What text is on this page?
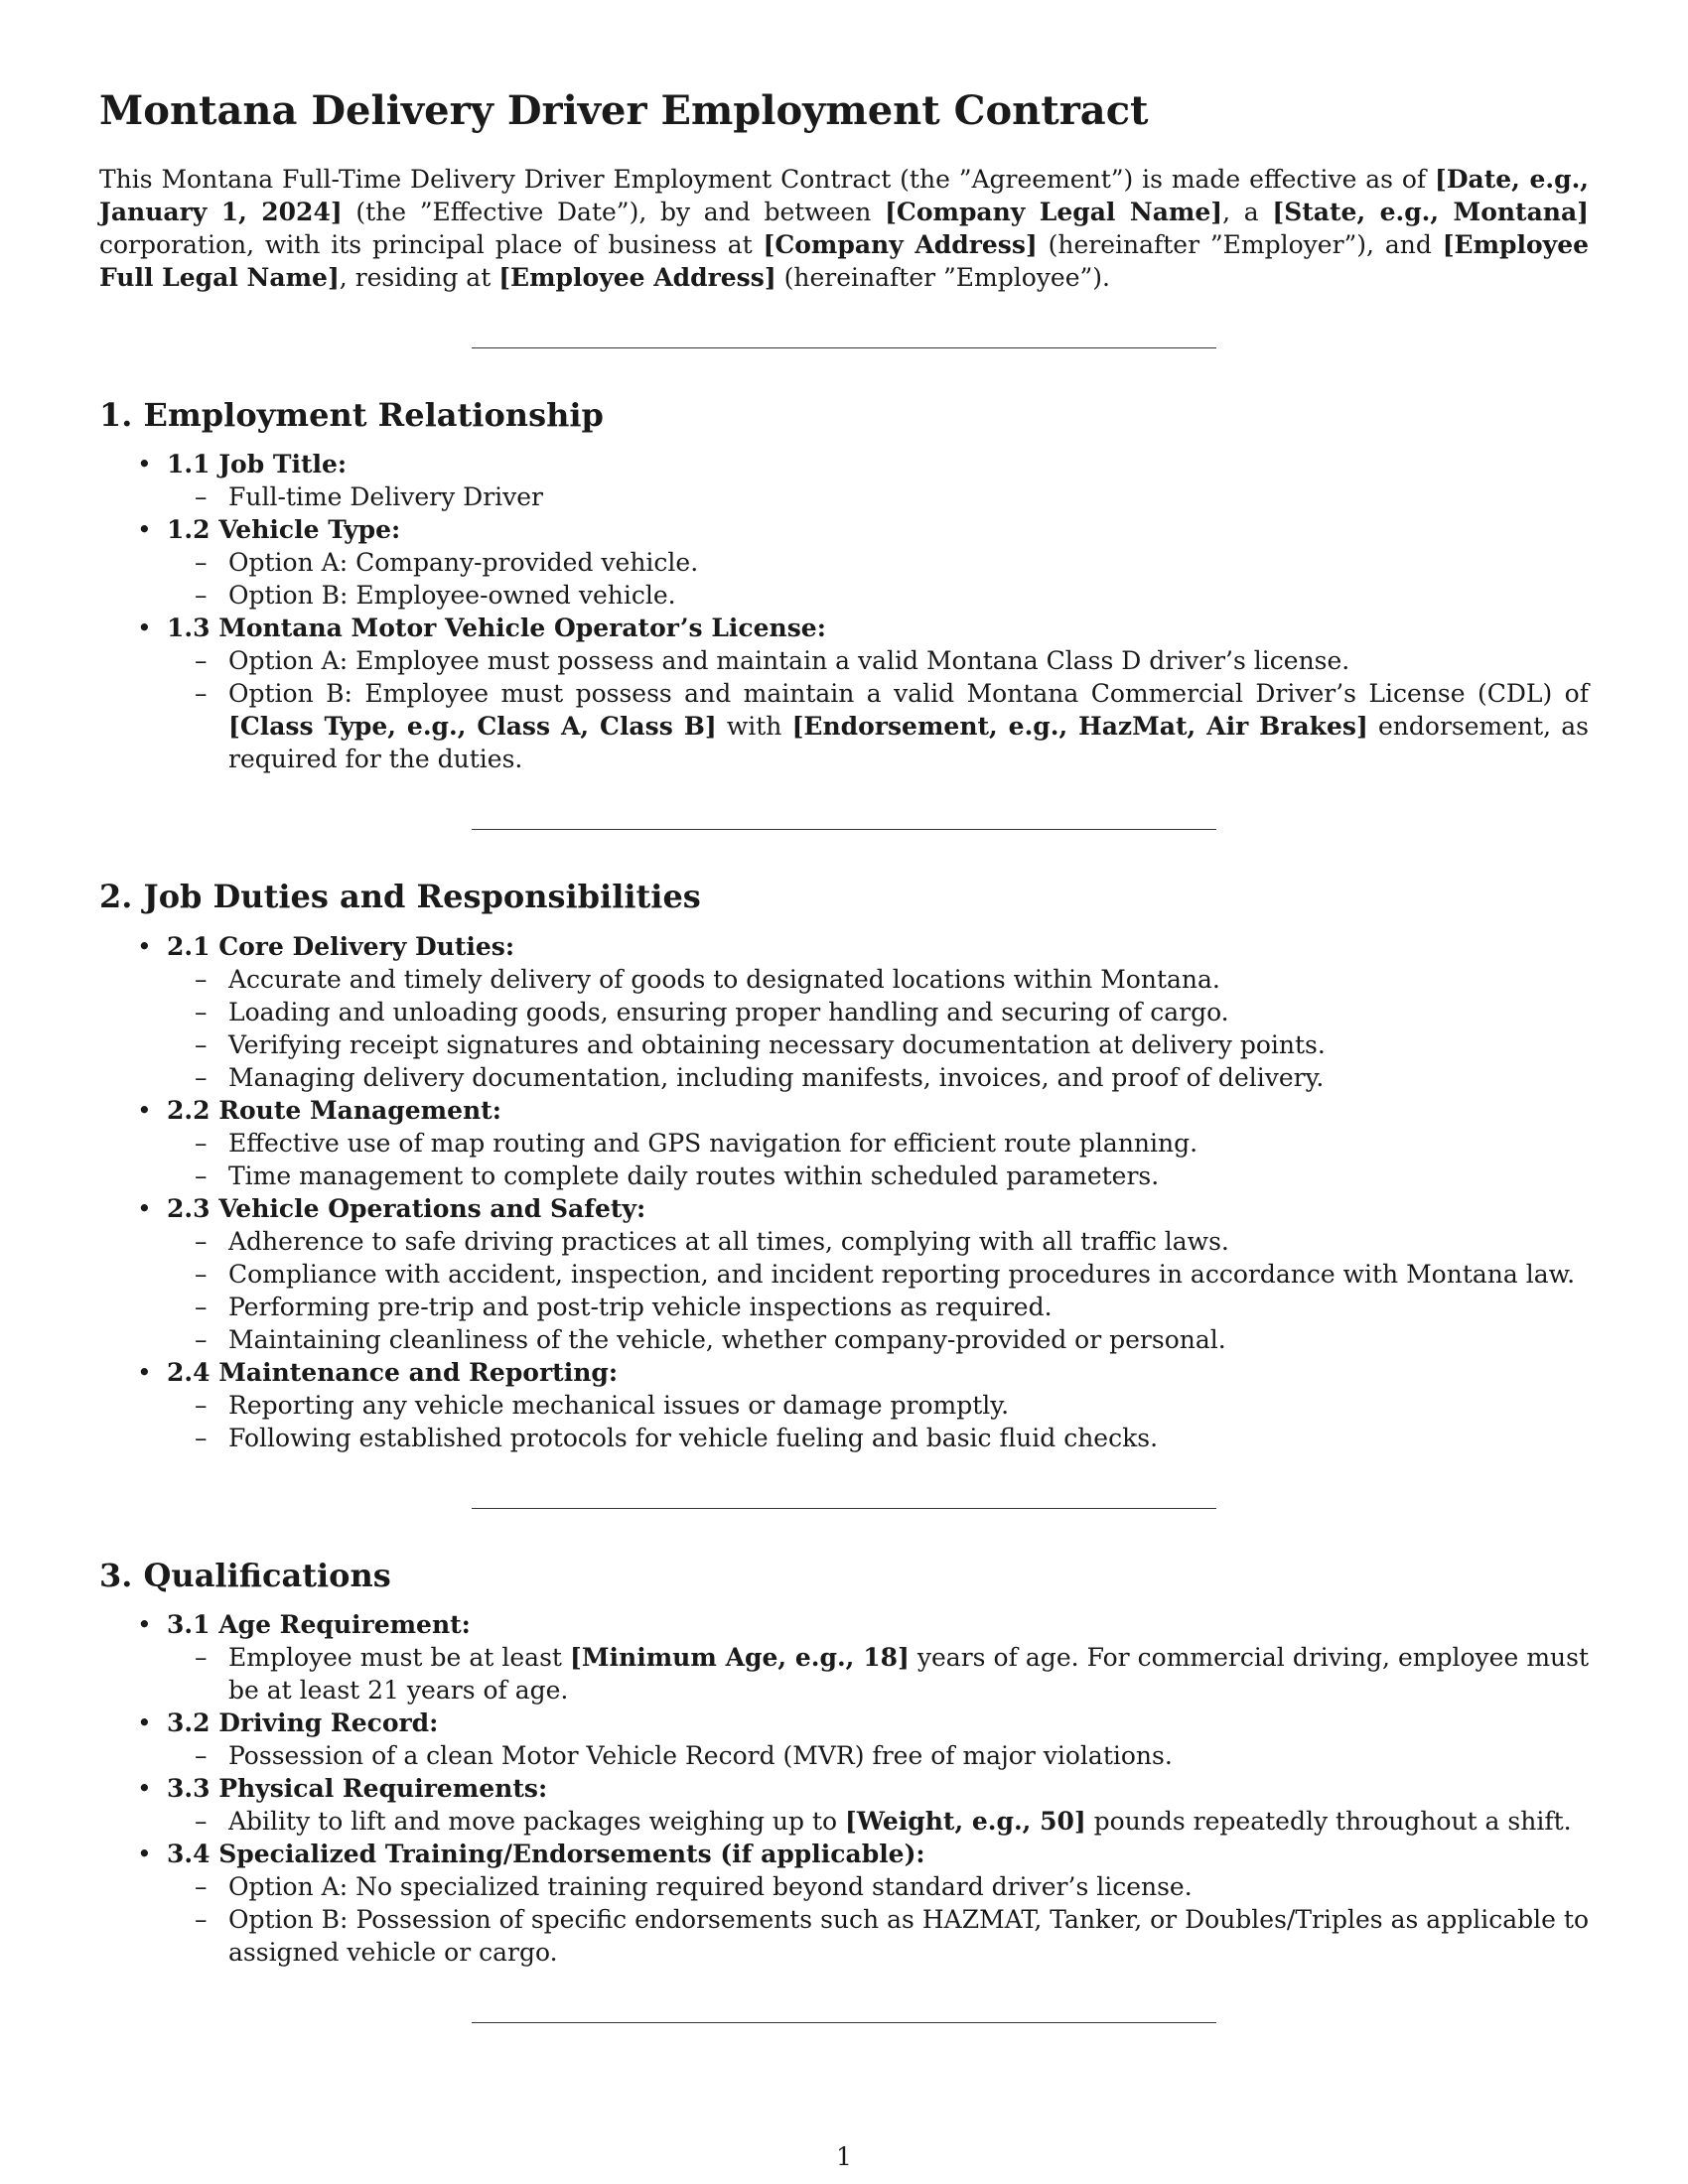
Montana Delivery Driver Employment Contract

This Montana Full-Time Delivery Driver Employment Contract (the ”Agreement”) is made effective as of [Date, e.g., January 1, 2024] (the ”Effective Date”), by and between [Company Legal Name], a [State, e.g., Montana] corporation, with its principal place of business at [Company Address] (hereinafter ”Employer”), and [Employee Full Legal Name], residing at [Employee Address] (hereinafter ”Employee”).

1. Employment Relationship
• 1.1 Job Title:
– Full-time Delivery Driver
• 1.2 Vehicle Type:
– Option A: Company-provided vehicle.
– Option B: Employee-owned vehicle.
• 1.3 Montana Motor Vehicle Operator’s License:
– Option A: Employee must possess and maintain a valid Montana Class D driver’s license.
– Option B: Employee must possess and maintain a valid Montana Commercial Driver’s License (CDL) of [Class Type, e.g., Class A, Class B] with [Endorsement, e.g., HazMat, Air Brakes] endorsement, as required for the duties.
2. Job Duties and Responsibilities
• 2.1 Core Delivery Duties:
– Accurate and timely delivery of goods to designated locations within Montana.
– Loading and unloading goods, ensuring proper handling and securing of cargo.
– Verifying receipt signatures and obtaining necessary documentation at delivery points.
– Managing delivery documentation, including manifests, invoices, and proof of delivery.
• 2.2 Route Management:
– Effective use of map routing and GPS navigation for efficient route planning.
– Time management to complete daily routes within scheduled parameters.
• 2.3 Vehicle Operations and Safety:
– Adherence to safe driving practices at all times, complying with all traffic laws.
– Compliance with accident, inspection, and incident reporting procedures in accordance with Montana law.
– Performing pre-trip and post-trip vehicle inspections as required.
– Maintaining cleanliness of the vehicle, whether company-provided or personal.
• 2.4 Maintenance and Reporting:
– Reporting any vehicle mechanical issues or damage promptly.
– Following established protocols for vehicle fueling and basic fluid checks.
3. Qualifications
• 3.1 Age Requirement:
– Employee must be at least [Minimum Age, e.g., 18] years of age. For commercial driving, employee must be at least 21 years of age.
• 3.2 Driving Record:
– Possession of a clean Motor Vehicle Record (MVR) free of major violations.
• 3.3 Physical Requirements:
– Ability to lift and move packages weighing up to [Weight, e.g., 50] pounds repeatedly throughout a shift.
• 3.4 Specialized Training/Endorsements (if applicable):
– Option A: No specialized training required beyond standard driver’s license.
– Option B: Possession of specific endorsements such as HAZMAT, Tanker, or Doubles/Triples as applicable to assigned vehicle or cargo.
1
